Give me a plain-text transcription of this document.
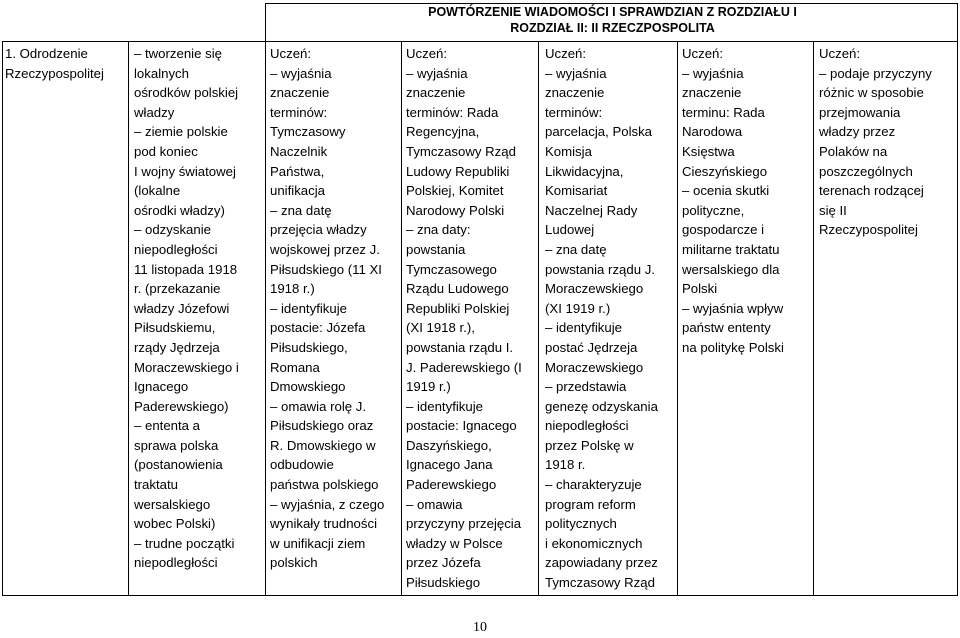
POWTÓRZENIE WIADOMOŚCI I SPRAWDZIAN Z ROZDZIAŁU I
ROZDZIAŁ II: II RZECZPOSPOLITA
1. Odrodzenie
Rzeczypospolitej
– tworzenie się
lokalnych
ośrodków polskiej
władzy
– ziemie polskie
pod koniec
I wojny światowej
(lokalne
ośrodki władzy)
– odzyskanie
niepodległości
11 listopada 1918
r. (przekazanie
władzy Józefowi
Piłsudskiemu,
rządy Jędrzeja
Moraczewskiego i
Ignacego
Paderewskiego)
– ententa a
sprawa polska
(postanowienia
traktatu
wersalskiego
wobec Polski)
– trudne początki
niepodległości
Uczeń:
– wyjaśnia
znaczenie
terminów:
Tymczasowy
Naczelnik
Państwa,
unifikacja
– zna datę
przejęcia władzy
wojskowej przez J.
Piłsudskiego (11 XI
1918 r.)
– identyfikuje
postacie: Józefa
Piłsudskiego,
Romana
Dmowskiego
– omawia rolę J.
Piłsudskiego oraz
R. Dmowskiego w
odbudowie
państwa polskiego
– wyjaśnia, z czego
wynikały trudności
w unifikacji ziem
polskich
Uczeń:
– wyjaśnia
znaczenie
terminów: Rada
Regencyjna,
Tymczasowy Rząd
Ludowy Republiki
Polskiej, Komitet
Narodowy Polski
– zna daty:
powstania
Tymczasowego
Rządu Ludowego
Republiki Polskiej
(XI 1918 r.),
powstania rządu I.
J. Paderewskiego (I
1919 r.)
– identyfikuje
postacie: Ignacego
Daszyńskiego,
Ignacego Jana
Paderewskiego
– omawia
przyczyny przejęcia
władzy w Polsce
przez Józefa
Piłsudskiego
Uczeń:
– wyjaśnia
znaczenie
terminów:
parcelacja, Polska
Komisja
Likwidacyjna,
Komisariat
Naczelnej Rady
Ludowej
– zna datę
powstania rządu J.
Moraczewskiego
(XI 1919 r.)
– identyfikuje
postać Jędrzeja
Moraczewskiego
– przedstawia
genezę odzyskania
niepodległości
przez Polskę w
1918 r.
– charakteryzuje
program reform
politycznych
i ekonomicznych
zapowiadany przez
Tymczasowy Rząd
Uczeń:
– wyjaśnia
znaczenie
terminu: Rada
Narodowa
Księstwa
Cieszyńskiego
– ocenia skutki
polityczne,
gospodarcze i
militarne traktatu
wersalskiego dla
Polski
– wyjaśnia wpływ
państw ententy
na politykę Polski
Uczeń:
– podaje przyczyny
różnic w sposobie
przejmowania
władzy przez
Polaków na
poszczególnych
terenach rodzącej
się II
Rzeczypospolitej
10
